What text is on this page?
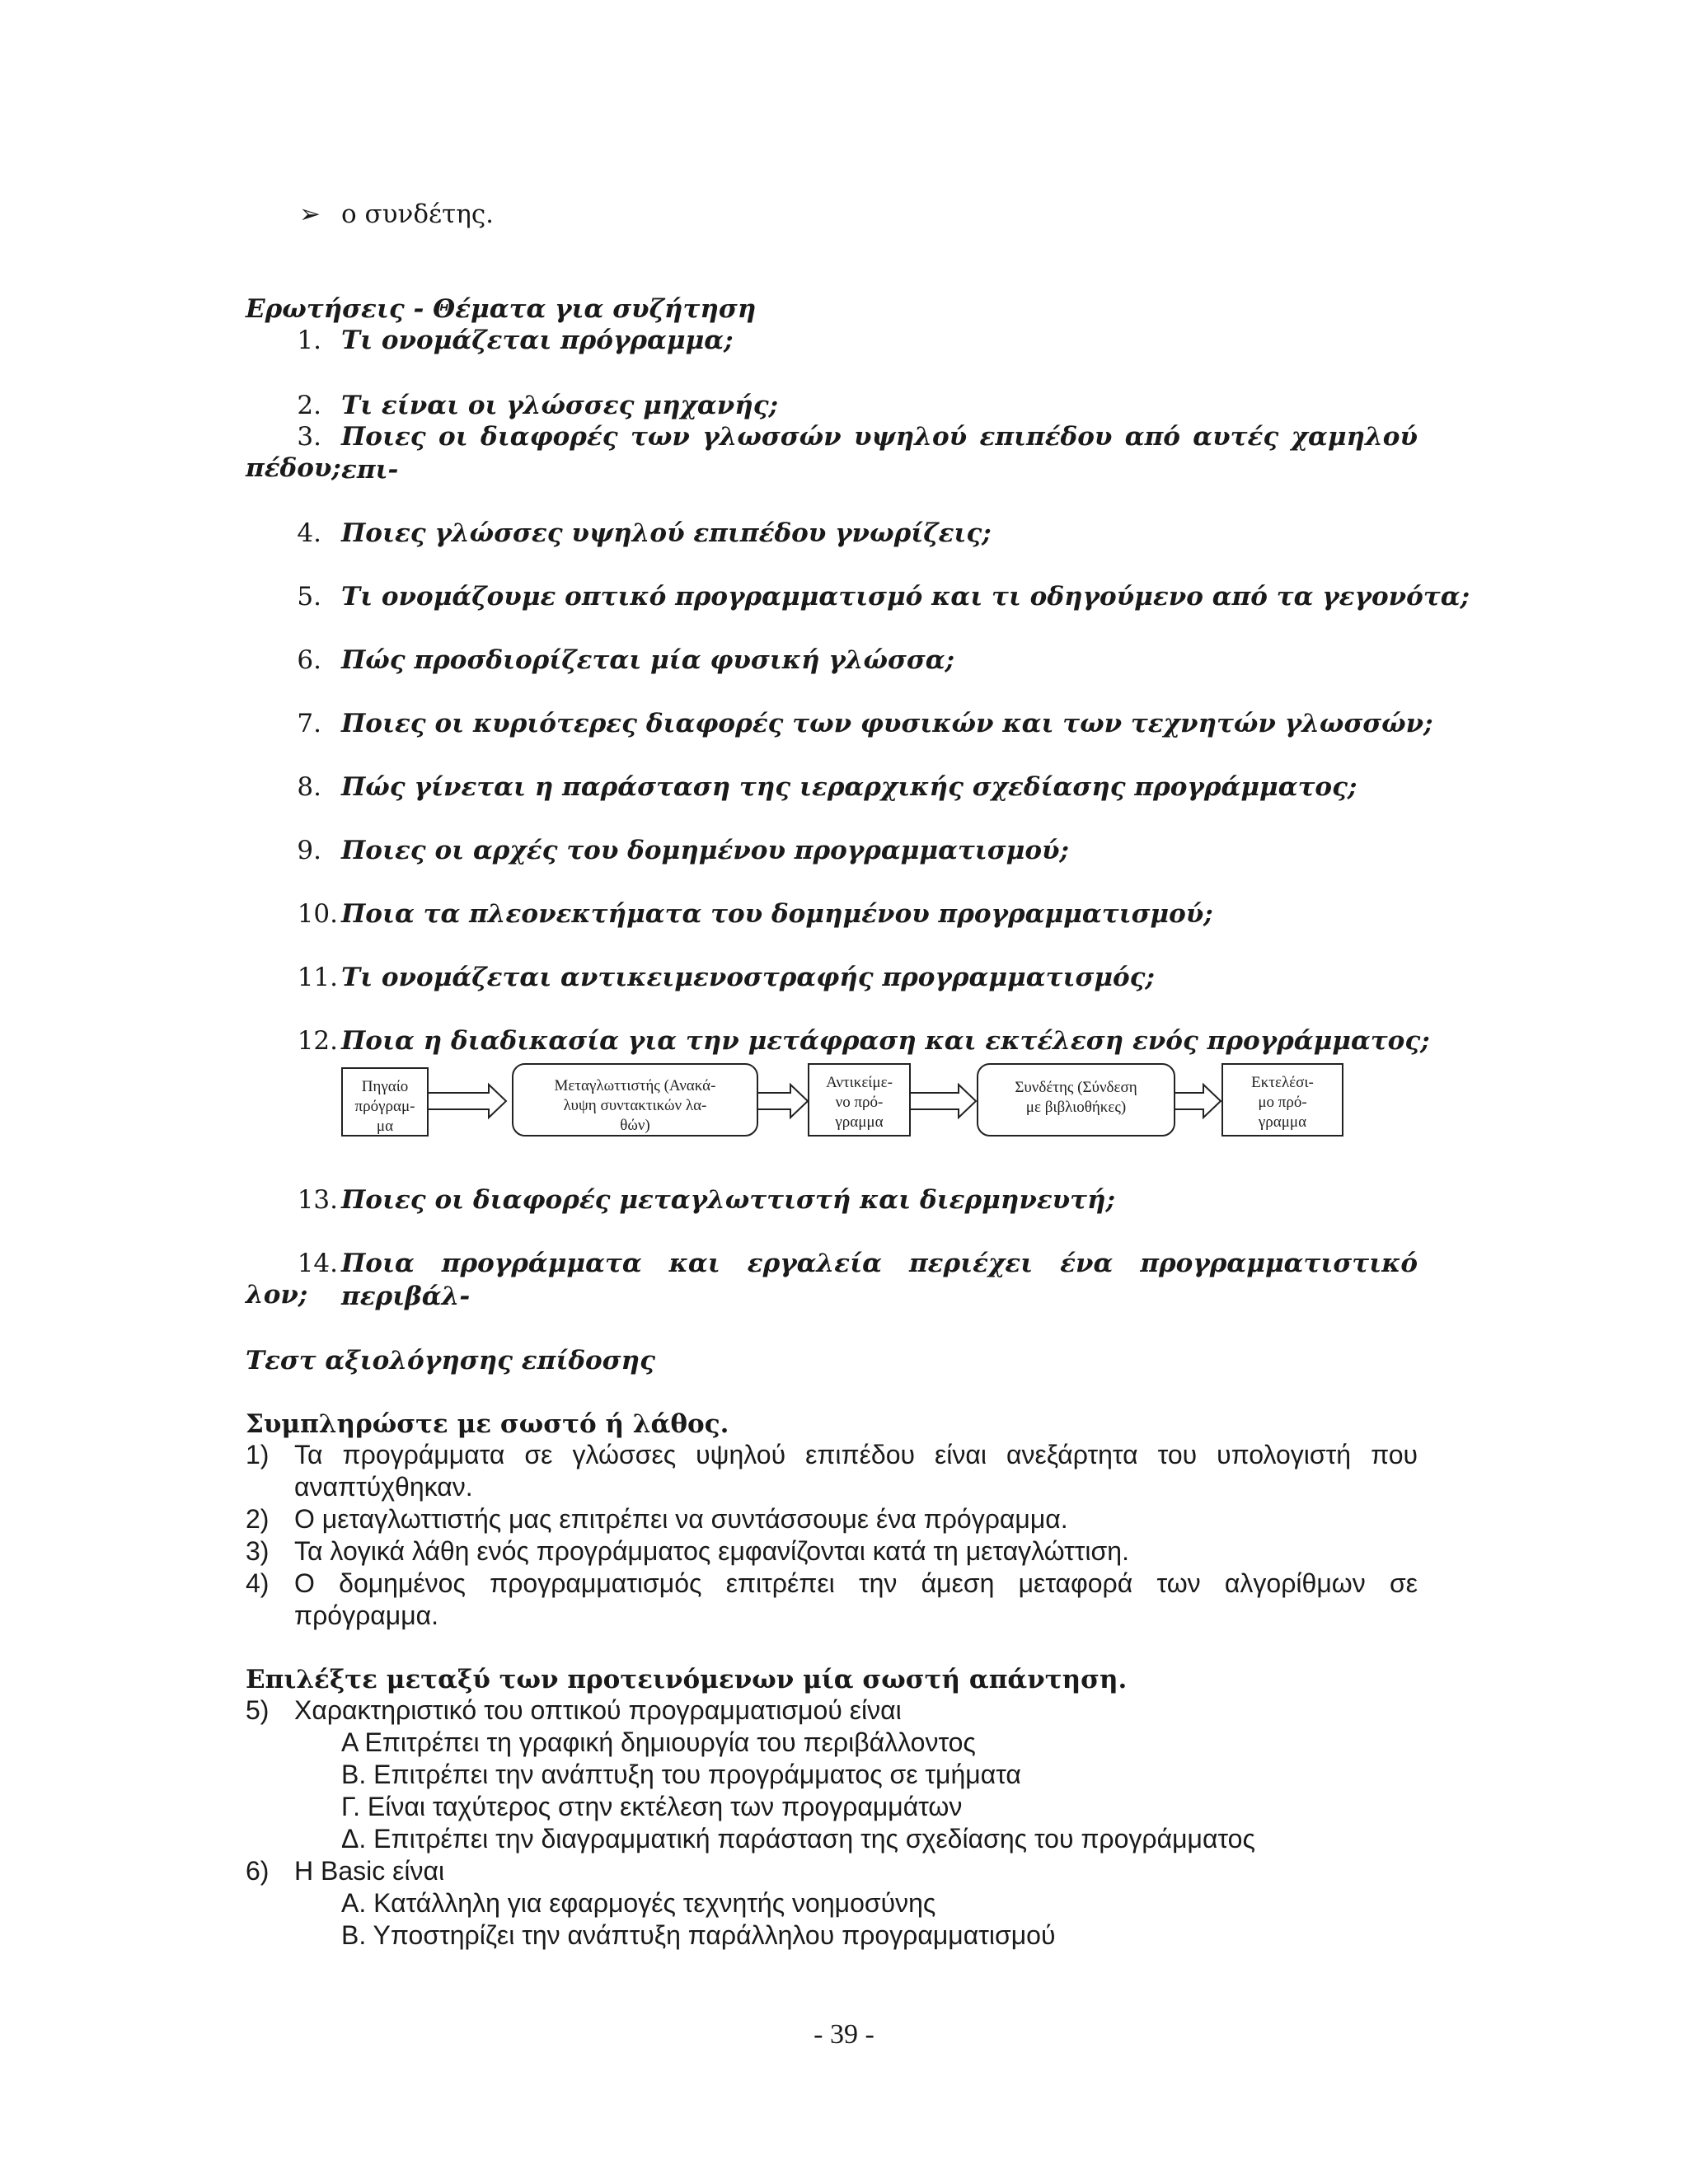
➢ ο συνδέτης.
Ερωτήσεις - Θέματα για συζήτηση
1. Τι ονομάζεται πρόγραμμα;
2. Τι είναι οι γλώσσες μηχανής;
3. Ποιες οι διαφορές των γλωσσών υψηλού επιπέδου από αυτές χαμηλού επι-
πέδου;
4. Ποιες γλώσσες υψηλού επιπέδου γνωρίζεις;
5. Τι ονομάζουμε οπτικό προγραμματισμό και τι οδηγούμενο από τα γεγονότα;
6. Πώς προσδιορίζεται μία φυσική γλώσσα;
7. Ποιες οι κυριότερες διαφορές των φυσικών και των τεχνητών γλωσσών;
8. Πώς γίνεται η παράσταση της ιεραρχικής σχεδίασης προγράμματος;
9. Ποιες οι αρχές του δομημένου προγραμματισμού;
10. Ποια τα πλεονεκτήματα του δομημένου προγραμματισμού;
11. Τι ονομάζεται αντικειμενοστραφής προγραμματισμός;
12. Ποια η διαδικασία για την μετάφραση και εκτέλεση ενός προγράμματος;
Πηγαίο
πρόγραμ-
μα
Μεταγλωττιστής (Ανακά-
λυψη συντακτικών λα-
θών)
Αντικείμε-
νο πρό-
γραμμα
Συνδέτης (Σύνδεση
με βιβλιοθήκες)
Εκτελέσι-
μο πρό-
γραμμα
13. Ποιες οι διαφορές μεταγλωττιστή και διερμηνευτή;
14. Ποια προγράμματα και εργαλεία περιέχει ένα προγραμματιστικό περιβάλ-
λον;
Τεστ αξιολόγησης επίδοσης
Συμπληρώστε με σωστό ή λάθος.
1) Τα προγράμματα σε γλώσσες υψηλού επιπέδου είναι ανεξάρτητα του υπολογιστή που
αναπτύχθηκαν.
2) Ο μεταγλωττιστής μας επιτρέπει να συντάσσουμε ένα πρόγραμμα.
3) Τα λογικά λάθη ενός προγράμματος εμφανίζονται κατά τη μεταγλώττιση.
4) Ο δομημένος προγραμματισμός επιτρέπει την άμεση μεταφορά των αλγορίθμων σε
πρόγραμμα.
Επιλέξτε μεταξύ των προτεινόμενων μία σωστή απάντηση.
5) Χαρακτηριστικό του οπτικού προγραμματισμού είναι
Α Επιτρέπει τη γραφική δημιουργία του περιβάλλοντος
Β. Επιτρέπει την ανάπτυξη του προγράμματος σε τμήματα
Γ. Είναι ταχύτερος στην εκτέλεση των προγραμμάτων
Δ. Επιτρέπει την διαγραμματική παράσταση της σχεδίασης του προγράμματος
6) Η Basic είναι
Α. Κατάλληλη για εφαρμογές τεχνητής νοημοσύνης
Β. Υποστηρίζει την ανάπτυξη παράλληλου προγραμματισμού
- 39 -
